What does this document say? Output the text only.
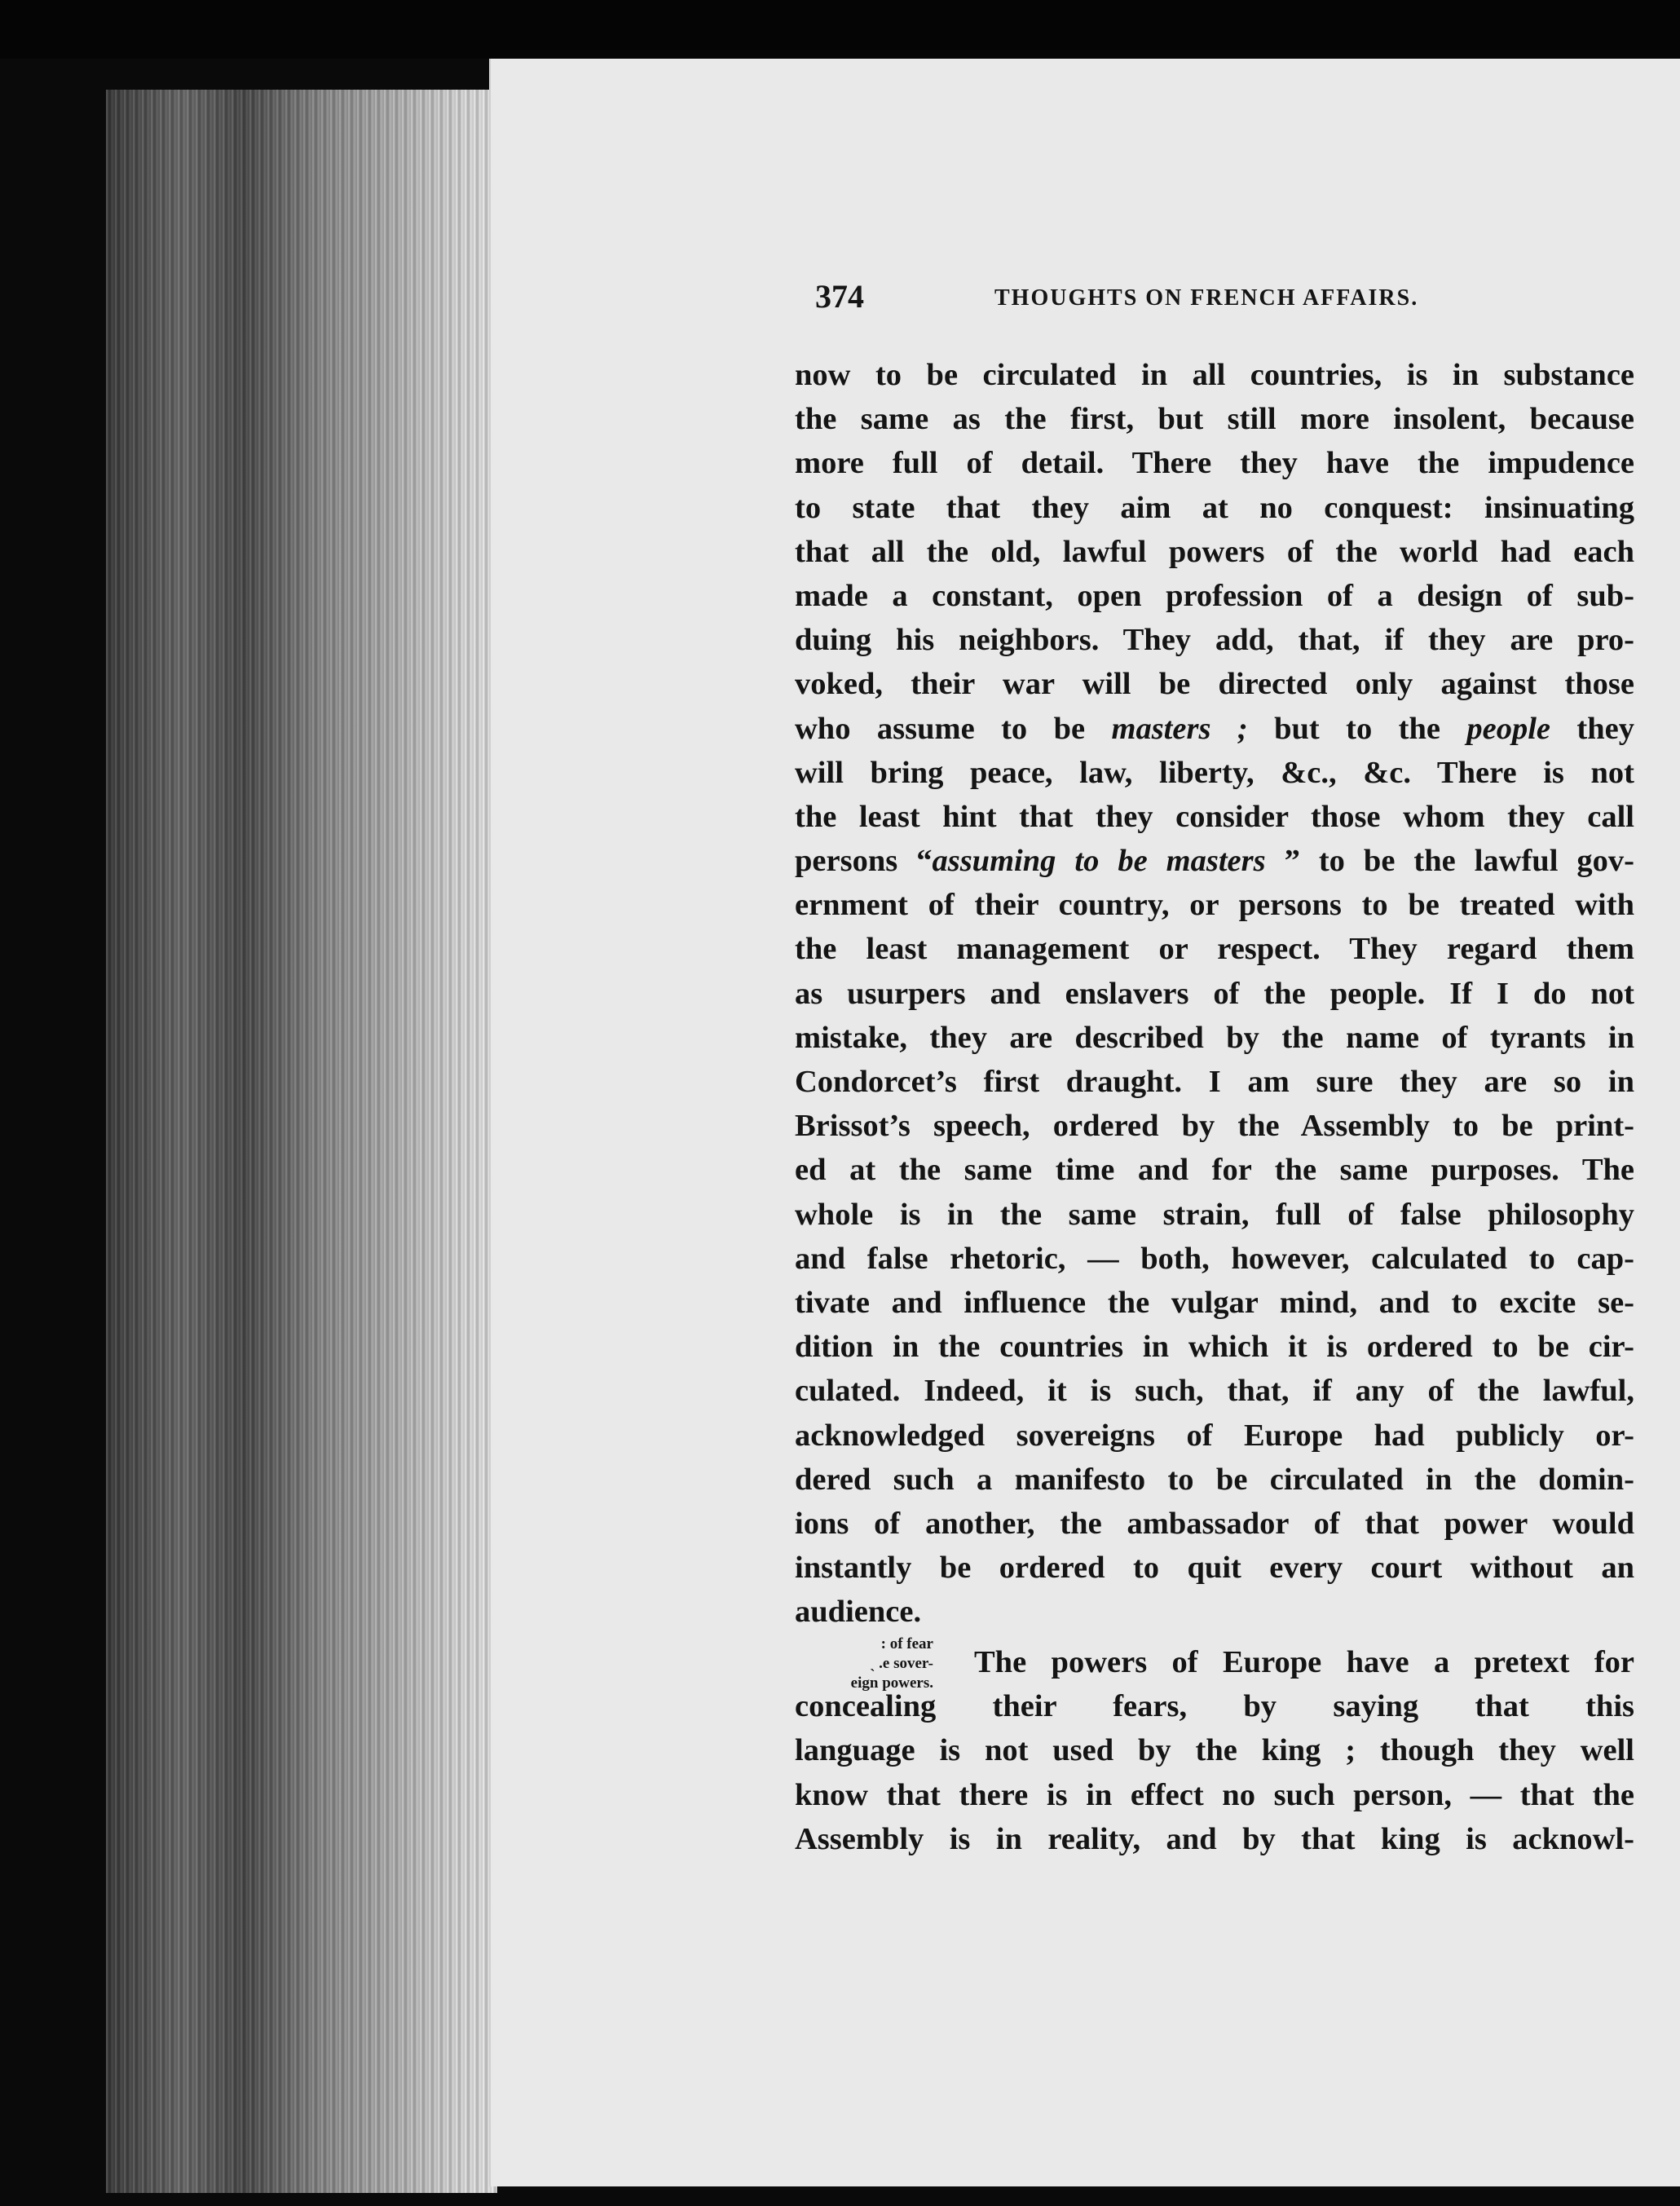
374	THOUGHTS ON FRENCH AFFAIRS.
now to be circulated in all countries, is in substance
the same as the first, but still more insolent, because
more full of detail. There they have the impudence
to state that they aim at no conquest: insinuating
that all the old, lawful powers of the world had each
made a constant, open profession of a design of sub-
duing his neighbors. They add, that, if they are pro-
voked, their war will be directed only against those
who assume to be masters ; but to the people they
will bring peace, law, liberty, &c., &c. There is not
the least hint that they consider those whom they call
persons “assuming to be masters ” to be the lawful gov-
ernment of their country, or persons to be treated with
the least management or respect. They regard them
as usurpers and enslavers of the people. If I do not
mistake, they are described by the name of tyrants in
Condorcet’s first draught. I am sure they are so in
Brissot’s speech, ordered by the Assembly to be print-
ed at the same time and for the same purposes. The
whole is in the same strain, full of false philosophy
and false rhetoric, — both, however, calculated to cap-
tivate and influence the vulgar mind, and to excite se-
dition in the countries in which it is ordered to be cir-
culated. Indeed, it is such, that, if any of the lawful,
acknowledged sovereigns of Europe had publicly or-
dered such a manifesto to be circulated in the domin-
ions of another, the ambassador of that power would
instantly be ordered to quit every court without an
audience.
: of fear
ˎ .e sover-
eign powers.
The powers of Europe have a pretext for
concealing their fears, by saying that this
language is not used by the king ; though they well
know that there is in effect no such person, — that the
Assembly is in reality, and by that king is acknowl-
